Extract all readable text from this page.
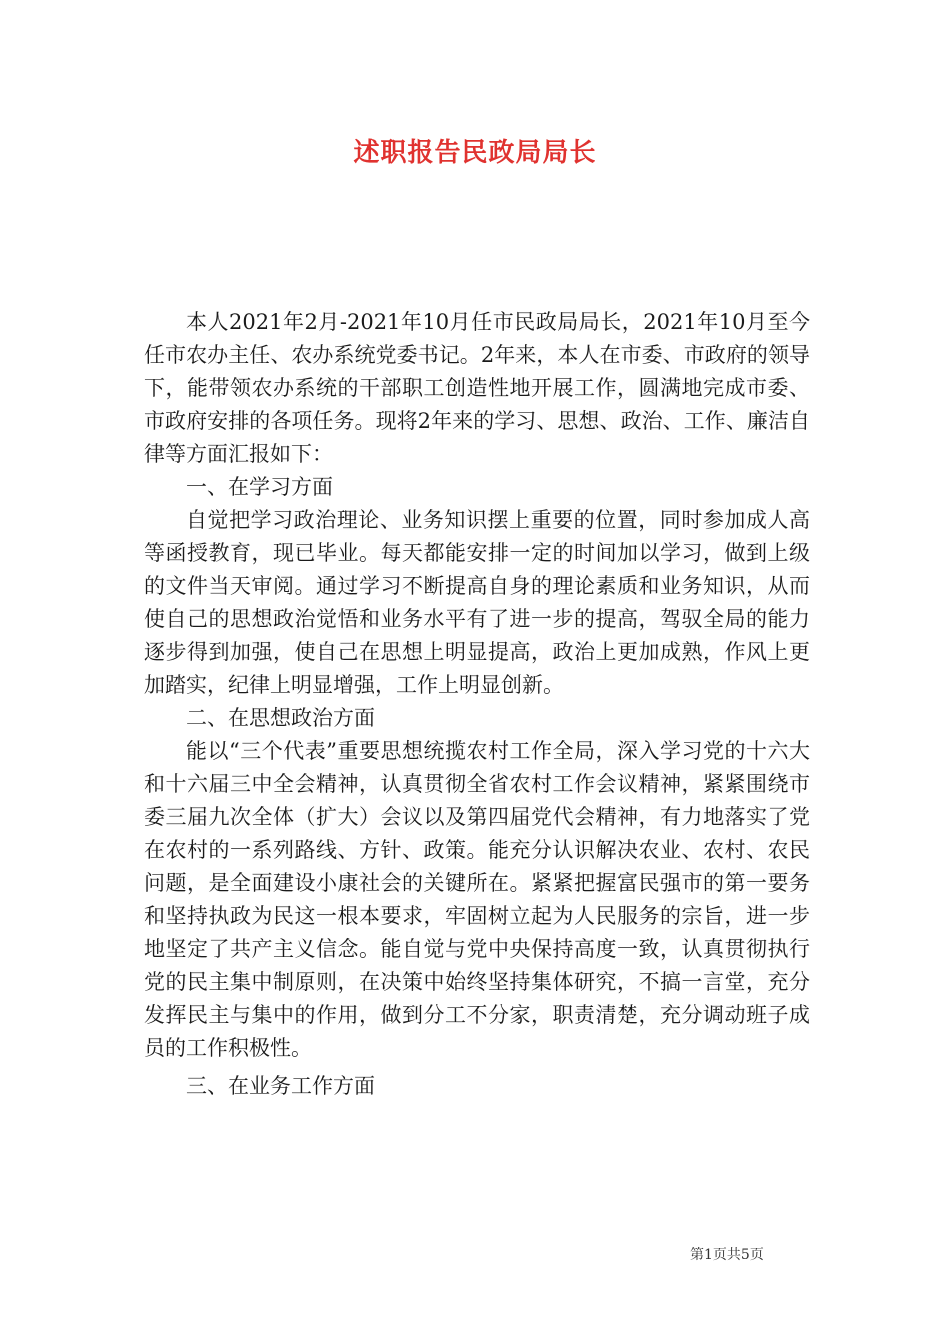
述职报告民政局局长

本人2021年2月-2021年10月任市民政局局长，2021年10月至今任市农办主任、农办系统党委书记。2年来，本人在市委、市政府的领导下，能带领农办系统的干部职工创造性地开展工作，圆满地完成市委、市政府安排的各项任务。现将2年来的学习、思想、政治、工作、廉洁自律等方面汇报如下：

一、在学习方面

自觉把学习政治理论、业务知识摆上重要的位置，同时参加成人高等函授教育，现已毕业。每天都能安排一定的时间加以学习，做到上级的文件当天审阅。通过学习不断提高自身的理论素质和业务知识，从而使自己的思想政治觉悟和业务水平有了进一步的提高，驾驭全局的能力逐步得到加强，使自己在思想上明显提高，政治上更加成熟，作风上更加踏实，纪律上明显增强，工作上明显创新。

二、在思想政治方面

能以“三个代表”重要思想统揽农村工作全局，深入学习党的十六大和十六届三中全会精神，认真贯彻全省农村工作会议精神，紧紧围绕市委三届九次全体（扩大）会议以及第四届党代会精神，有力地落实了党在农村的一系列路线、方针、政策。能充分认识解决农业、农村、农民问题，是全面建设小康社会的关键所在。紧紧把握富民强市的第一要务和坚持执政为民这一根本要求，牢固树立起为人民服务的宗旨，进一步地坚定了共产主义信念。能自觉与党中央保持高度一致，认真贯彻执行党的民主集中制原则，在决策中始终坚持集体研究，不搞一言堂，充分发挥民主与集中的作用，做到分工不分家，职责清楚，充分调动班子成员的工作积极性。

三、在业务工作方面

第1页共5页
